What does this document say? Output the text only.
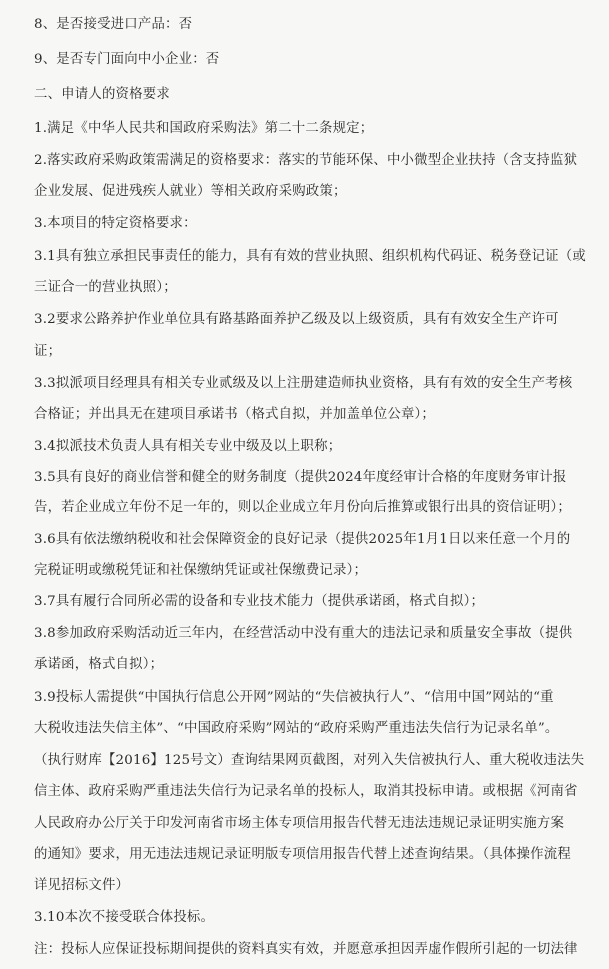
8、是否接受进口产品：否
9、是否专门面向中小企业：否
二、申请人的资格要求
1.满足《中华人民共和国政府采购法》第二十二条规定；
2.落实政府采购政策需满足的资格要求：落实的节能环保、中小微型企业扶持（含支持监狱
企业发展、促进残疾人就业）等相关政府采购政策；
3.本项目的特定资格要求：
3.1具有独立承担民事责任的能力，具有有效的营业执照、组织机构代码证、税务登记证（或
三证合一的营业执照）；
3.2要求公路养护作业单位具有路基路面养护乙级及以上级资质，具有有效安全生产许可
证；
3.3拟派项目经理具有相关专业贰级及以上注册建造师执业资格，具有有效的安全生产考核
合格证；并出具无在建项目承诺书（格式自拟，并加盖单位公章）；
3.4拟派技术负责人具有相关专业中级及以上职称；
3.5具有良好的商业信誉和健全的财务制度（提供2024年度经审计合格的年度财务审计报
告，若企业成立年份不足一年的，则以企业成立年月份向后推算或银行出具的资信证明）；
3.6具有依法缴纳税收和社会保障资金的良好记录（提供2025年1月1日以来任意一个月的
完税证明或缴税凭证和社保缴纳凭证或社保缴费记录）；
3.7具有履行合同所必需的设备和专业技术能力（提供承诺函，格式自拟）；
3.8参加政府采购活动近三年内，在经营活动中没有重大的违法记录和质量安全事故（提供
承诺函，格式自拟）；
3.9投标人需提供“中国执行信息公开网”网站的“失信被执行人”、“信用中国”网站的“重
大税收违法失信主体”、“中国政府采购”网站的“政府采购严重违法失信行为记录名单”。
（执行财库【2016】125号文）查询结果网页截图，对列入失信被执行人、重大税收违法失
信主体、政府采购严重违法失信行为记录名单的投标人，取消其投标申请。或根据《河南省
人民政府办公厅关于印发河南省市场主体专项信用报告代替无违法违规记录证明实施方案
的通知》要求，用无违法违规记录证明版专项信用报告代替上述查询结果。（具体操作流程
详见招标文件）
3.10本次不接受联合体投标。
注：投标人应保证投标期间提供的资料真实有效，并愿意承担因弄虚作假所引起的一切法律
